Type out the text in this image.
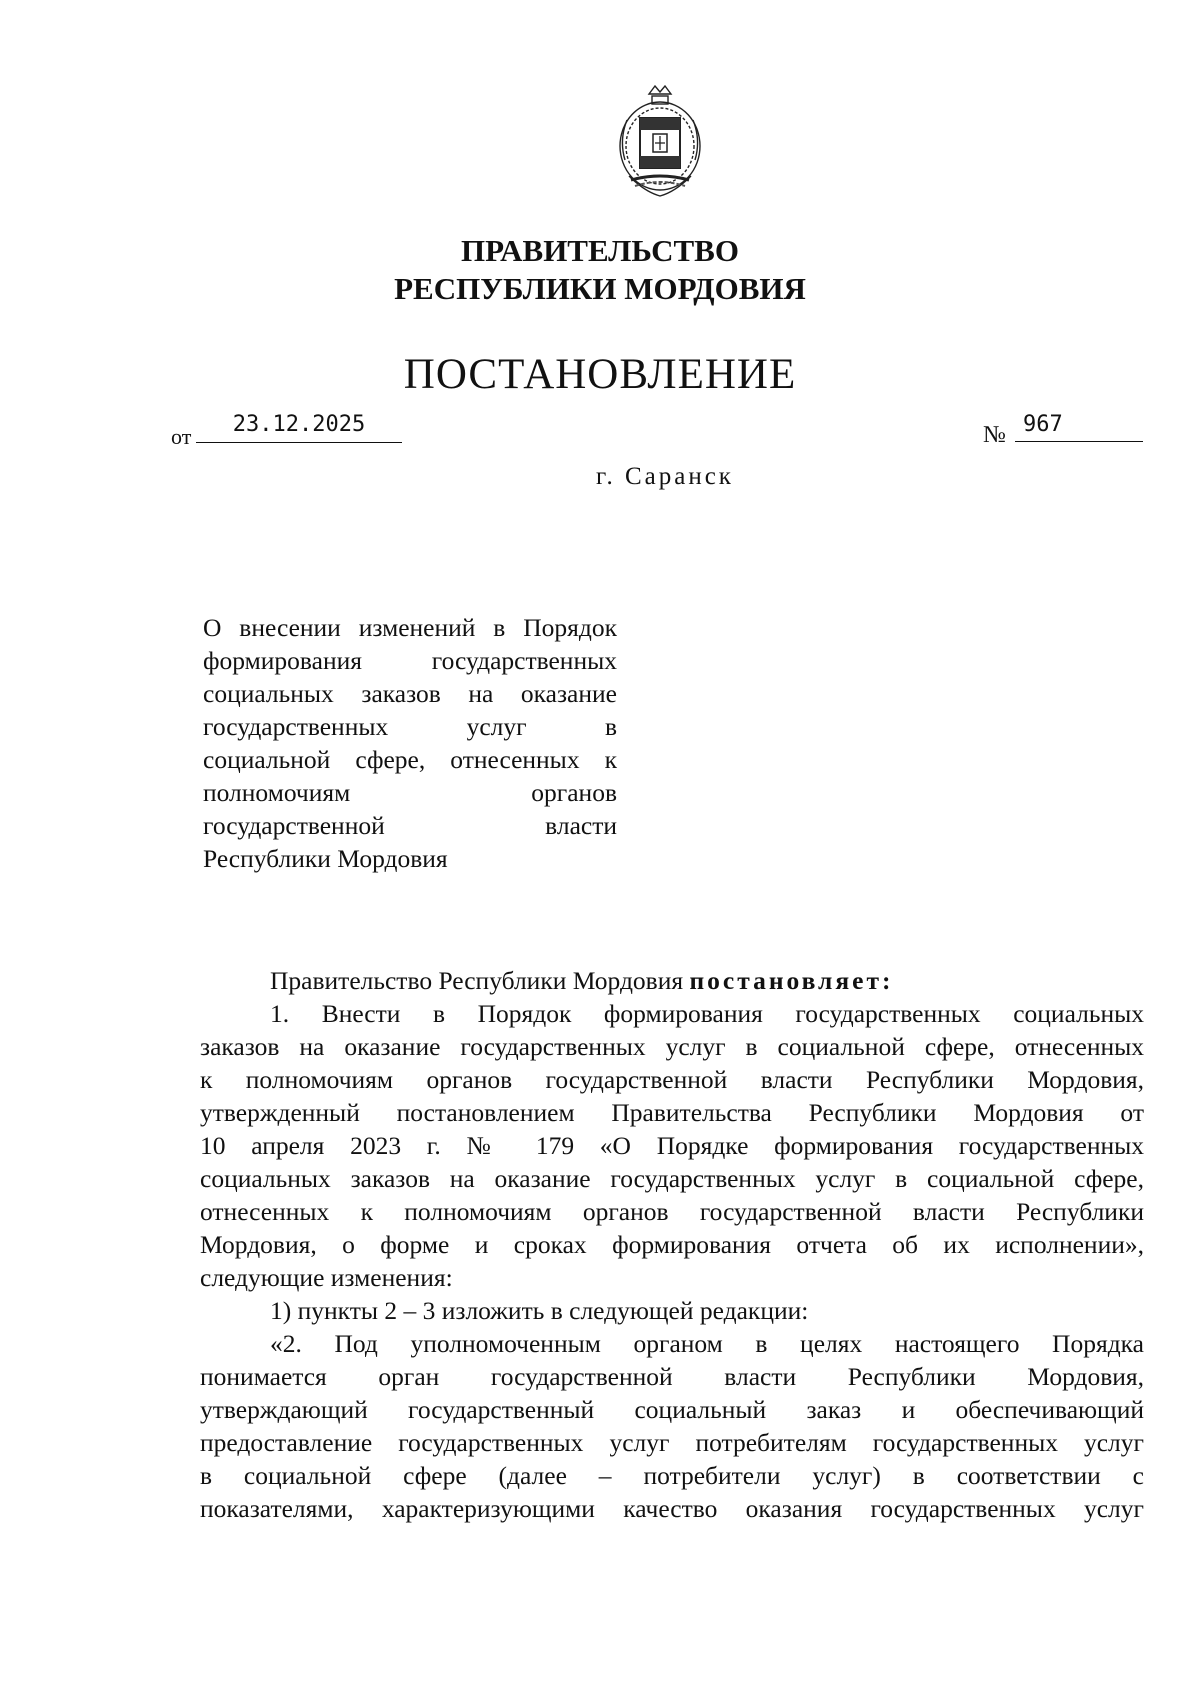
ПРАВИТЕЛЬСТВО
РЕСПУБЛИКИ МОРДОВИЯ
ПОСТАНОВЛЕНИЕ
от	23.12.2025	№ 967
г. Саранск
О внесении изменений в Порядок
формирования государственных
социальных заказов на оказание
государственных услуг в
социальной сфере, отнесенных к
полномочиям органов
государственной власти
Республики Мордовия
Правительство Республики Мордовия постановляет:
1. Внести в Порядок формирования государственных социальных
заказов на оказание государственных услуг в социальной сфере, отнесенных
к полномочиям органов государственной власти Республики Мордовия,
утвержденный постановлением Правительства Республики Мордовия от
10 апреля 2023 г. № 179 «О Порядке формирования государственных
социальных заказов на оказание государственных услуг в социальной сфере,
отнесенных к полномочиям органов государственной власти Республики
Мордовия, о форме и сроках формирования отчета об их исполнении»,
следующие изменения:
1) пункты 2 – 3 изложить в следующей редакции:
«2. Под уполномоченным органом в целях настоящего Порядка
понимается орган государственной власти Республики Мордовия,
утверждающий государственный социальный заказ и обеспечивающий
предоставление государственных услуг потребителям государственных услуг
в социальной сфере (далее – потребители услуг) в соответствии с
показателями, характеризующими качество оказания государственных услуг
